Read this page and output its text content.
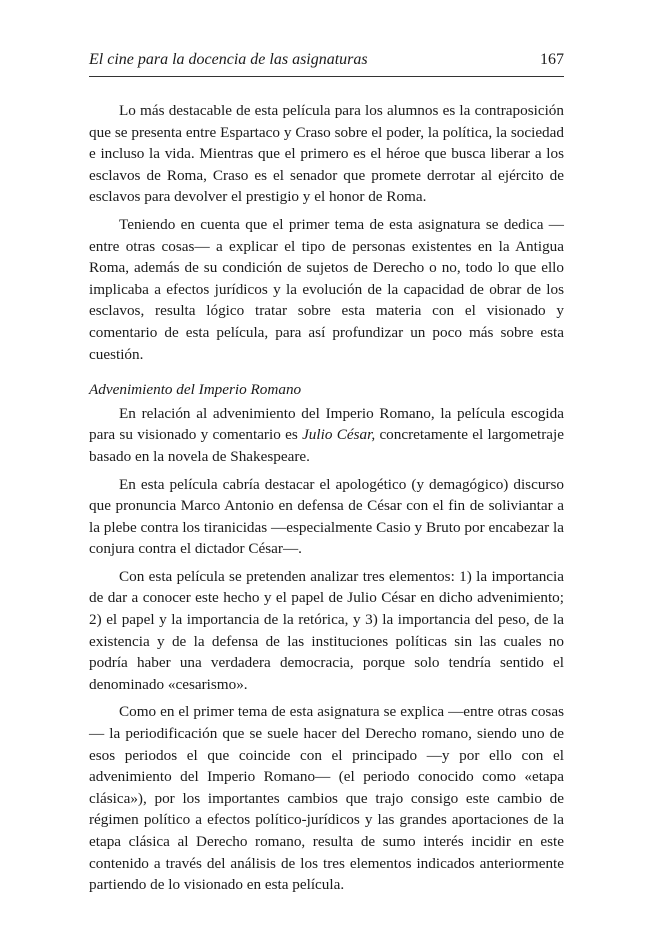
El cine para la docencia de las asignaturas	167

Lo más destacable de esta película para los alumnos es la contraposición que se presenta entre Espartaco y Craso sobre el poder, la política, la sociedad e incluso la vida. Mientras que el primero es el héroe que busca liberar a los esclavos de Roma, Craso es el senador que promete derrotar al ejército de esclavos para devolver el prestigio y el honor de Roma.

Teniendo en cuenta que el primer tema de esta asignatura se dedica —entre otras cosas— a explicar el tipo de personas existentes en la Antigua Roma, además de su condición de sujetos de Derecho o no, todo lo que ello implicaba a efectos jurídicos y la evolución de la capacidad de obrar de los esclavos, resulta lógico tratar sobre esta materia con el visionado y comentario de esta película, para así profundizar un poco más sobre esta cuestión.

Advenimiento del Imperio Romano

En relación al advenimiento del Imperio Romano, la película escogida para su visionado y comentario es Julio César, concretamente el largometraje basado en la novela de Shakespeare.

En esta película cabría destacar el apologético (y demagógico) discurso que pronuncia Marco Antonio en defensa de César con el fin de soliviantar a la plebe contra los tiranicidas —especialmente Casio y Bruto por encabezar la conjura contra el dictador César—.

Con esta película se pretenden analizar tres elementos: 1) la importancia de dar a conocer este hecho y el papel de Julio César en dicho advenimiento; 2) el papel y la importancia de la retórica, y 3) la importancia del peso, de la existencia y de la defensa de las instituciones políticas sin las cuales no podría haber una verdadera democracia, porque solo tendría sentido el denominado «cesarismo».

Como en el primer tema de esta asignatura se explica —entre otras cosas— la periodificación que se suele hacer del Derecho romano, siendo uno de esos periodos el que coincide con el principado —y por ello con el advenimiento del Imperio Romano— (el periodo conocido como «etapa clásica»), por los importantes cambios que trajo consigo este cambio de régimen político a efectos político-jurídicos y las grandes aportaciones de la etapa clásica al Derecho romano, resulta de sumo interés incidir en este contenido a través del análisis de los tres elementos indicados anteriormente partiendo de lo visionado en esta película.
